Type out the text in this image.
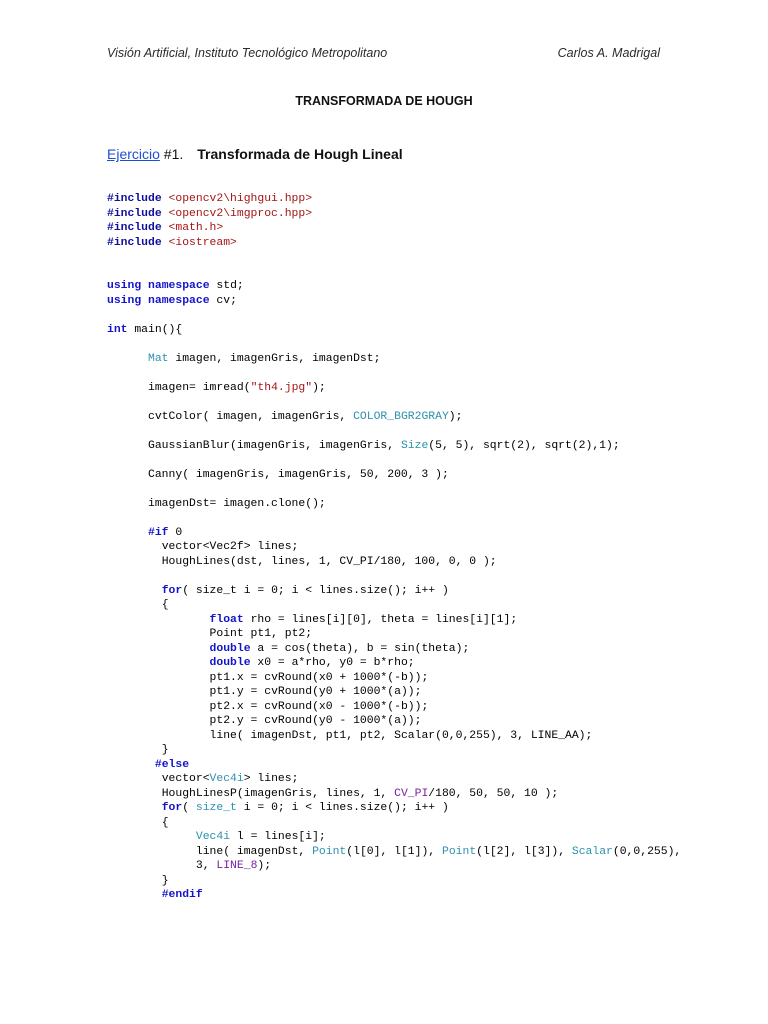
Visión Artificial, Instituto Tecnológico Metropolitano	Carlos A. Madrigal
TRANSFORMADA DE HOUGH
Ejercicio #1. Transformada de Hough Lineal
#include <opencv2\highgui.hpp>
#include <opencv2\imgproc.hpp>
#include <math.h>
#include <iostream>

using namespace std;
using namespace cv;

int main(){

Mat imagen, imagenGris, imagenDst;

imagen= imread("th4.jpg");

cvtColor( imagen, imagenGris, COLOR_BGR2GRAY);

GaussianBlur(imagenGris, imagenGris, Size(5, 5), sqrt(2), sqrt(2),1);

Canny( imagenGris, imagenGris, 50, 200, 3 );

imagenDst= imagen.clone();

#if 0
vector<Vec2f> lines;
HoughLines(dst, lines, 1, CV_PI/180, 100, 0, 0 );

for( size_t i = 0; i < lines.size(); i++ )
{
float rho = lines[i][0], theta = lines[i][1];
Point pt1, pt2;
double a = cos(theta), b = sin(theta);
double x0 = a*rho, y0 = b*rho;
pt1.x = cvRound(x0 + 1000*(-b));
pt1.y = cvRound(y0 + 1000*(a));
pt2.x = cvRound(x0 - 1000*(-b));
pt2.y = cvRound(y0 - 1000*(a));
line( imagenDst, pt1, pt2, Scalar(0,0,255), 3, LINE_AA);
}
#else
vector<Vec4i> lines;
HoughLinesP(imagenGris, lines, 1, CV_PI/180, 50, 50, 10 );
for( size_t i = 0; i < lines.size(); i++ )
{
Vec4i l = lines[i];
line( imagenDst, Point(l[0], l[1]), Point(l[2], l[3]), Scalar(0,0,255),
3, LINE_8);
}
#endif
